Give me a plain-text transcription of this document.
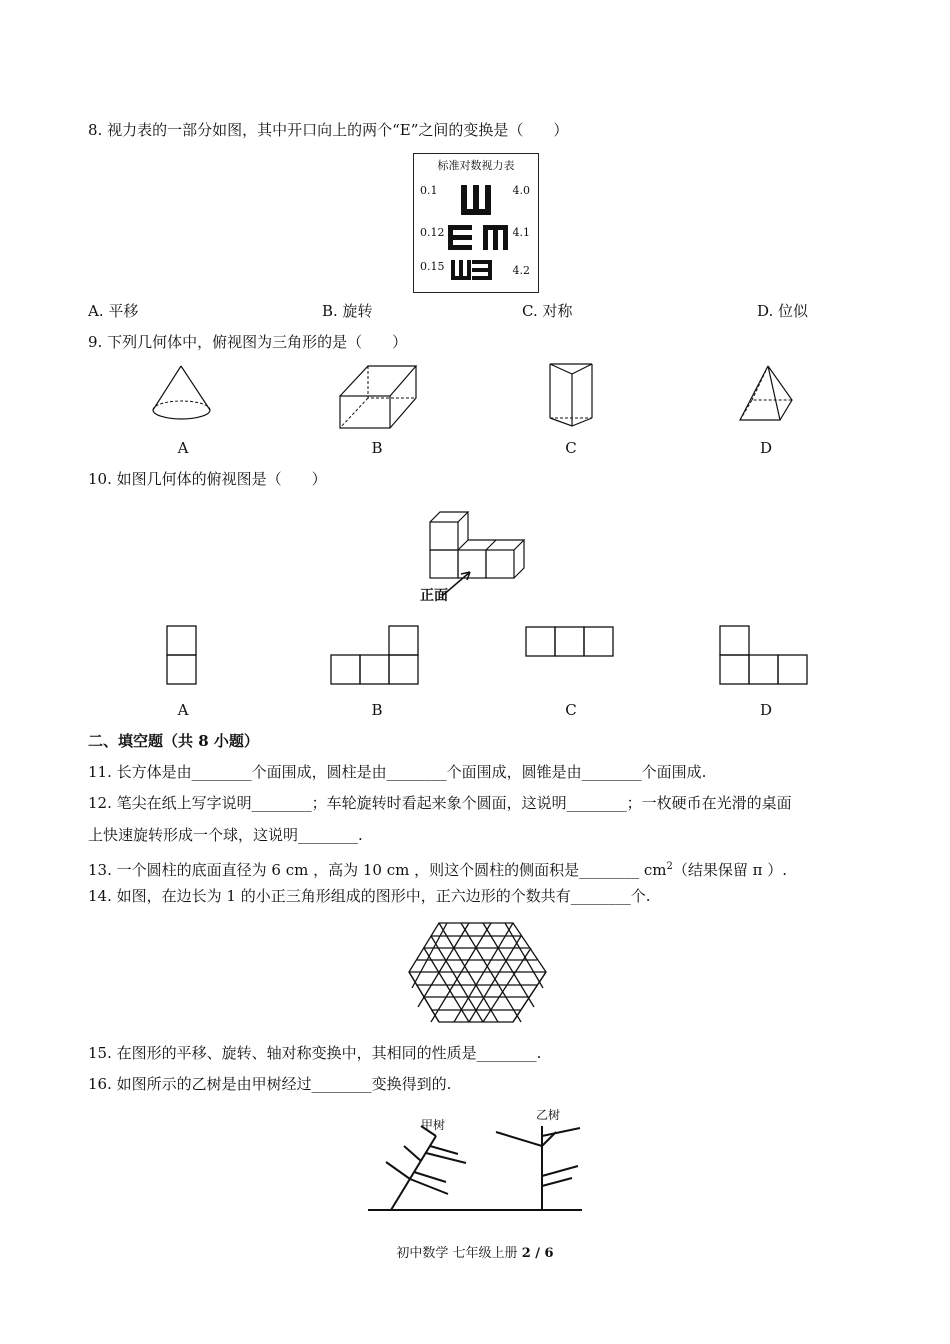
8. 视力表的一部分如图，其中开口向上的两个“E”之间的变换是（　　）
标准对数视力表
0.1	4.0
0.12	4.1
0.15	4.2
A. 平移	B. 旋转	C. 对称	D. 位似
9. 下列几何体中，俯视图为三角形的是（　　）
A	B	C	D
10. 如图几何体的俯视图是（　　）
正面
A	B	C	D
二、填空题（共 8 小题）
11. 长方体是由________个面围成，圆柱是由________个面围成，圆锥是由________个面围成.
12. 笔尖在纸上写字说明________；车轮旋转时看起来象个圆面，这说明________；一枚硬币在光滑的桌面
上快速旋转形成一个球，这说明________.
13. 一个圆柱的底面直径为 6 cm ，高为 10 cm ，则这个圆柱的侧面积是________ $cm^2$（结果保留 π ）.
14. 如图，在边长为 1 的小正三角形组成的图形中，正六边形的个数共有________个.
15. 在图形的平移、旋转、轴对称变换中，其相同的性质是________.
16. 如图所示的乙树是由甲树经过________变换得到的.
甲树
乙树
初中数学 七年级上册 2 / 6
